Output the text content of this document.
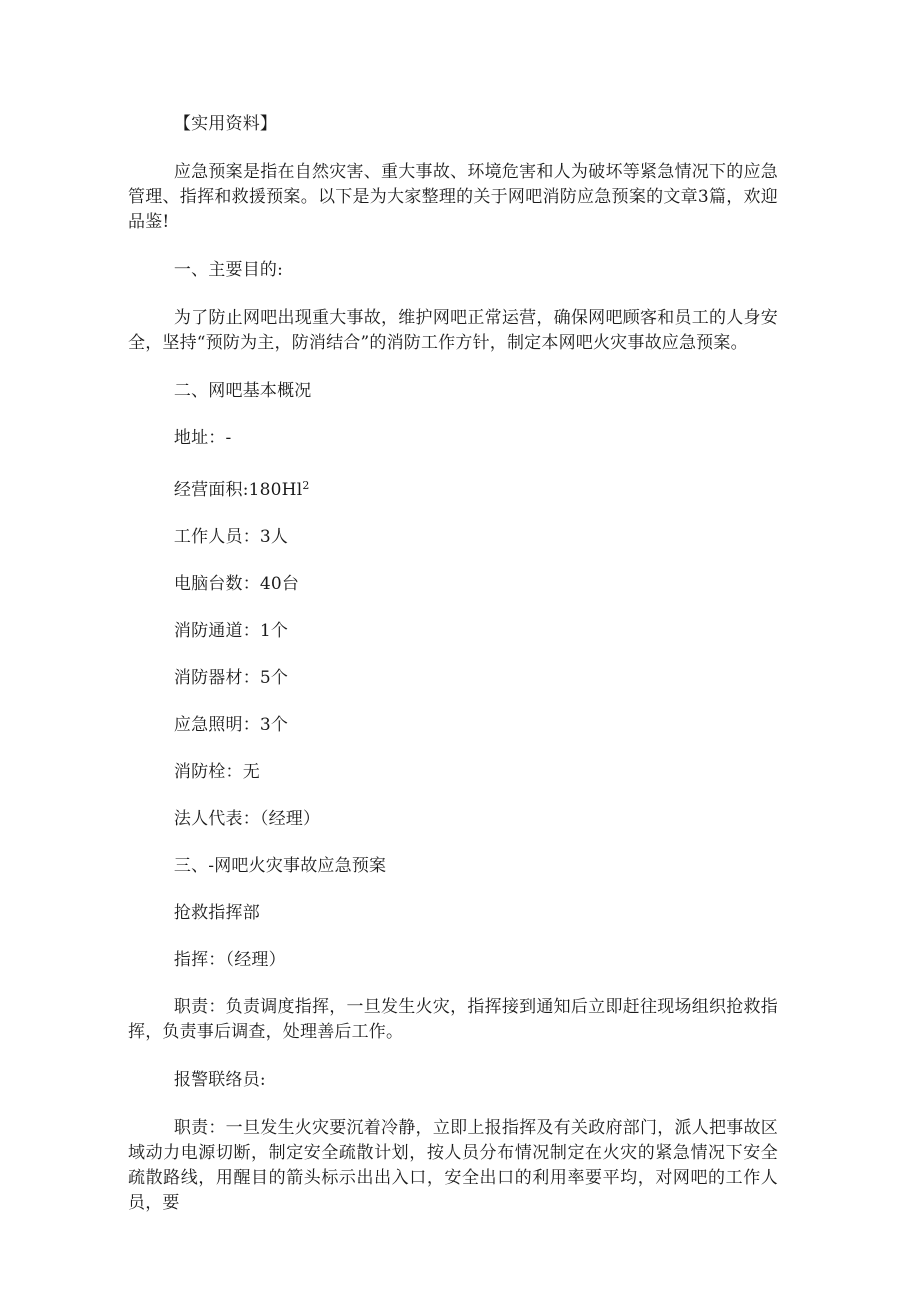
【实用资料】

应急预案是指在自然灾害、重大事故、环境危害和人为破坏等紧急情况下的应急管理、指挥和救援预案。以下是为大家整理的关于网吧消防应急预案的文章3篇，欢迎品鉴!

一、主要目的:

为了防止网吧出现重大事故，维护网吧正常运营，确保网吧顾客和员工的人身安全，坚持“预防为主，防消结合”的消防工作方针，制定本网吧火灾事故应急预案。

二、网吧基本概况

地址：-

经营面积:180Hl$^2$

工作人员：3人

电脑台数：40台

消防通道：1个

消防器材：5个

应急照明：3个

消防栓：无

法人代表：（经理）

三、-网吧火灾事故应急预案

抢救指挥部

指挥：（经理）

职责：负责调度指挥，一旦发生火灾，指挥接到通知后立即赶往现场组织抢救指挥，负责事后调查，处理善后工作。

报警联络员:

职责：一旦发生火灾要沉着冷静，立即上报指挥及有关政府部门，派人把事故区域动力电源切断，制定安全疏散计划，按人员分布情况制定在火灾的紧急情况下安全疏散路线，用醒目的箭头标示出出入口，安全出口的利用率要平均，对网吧的工作人员，要
